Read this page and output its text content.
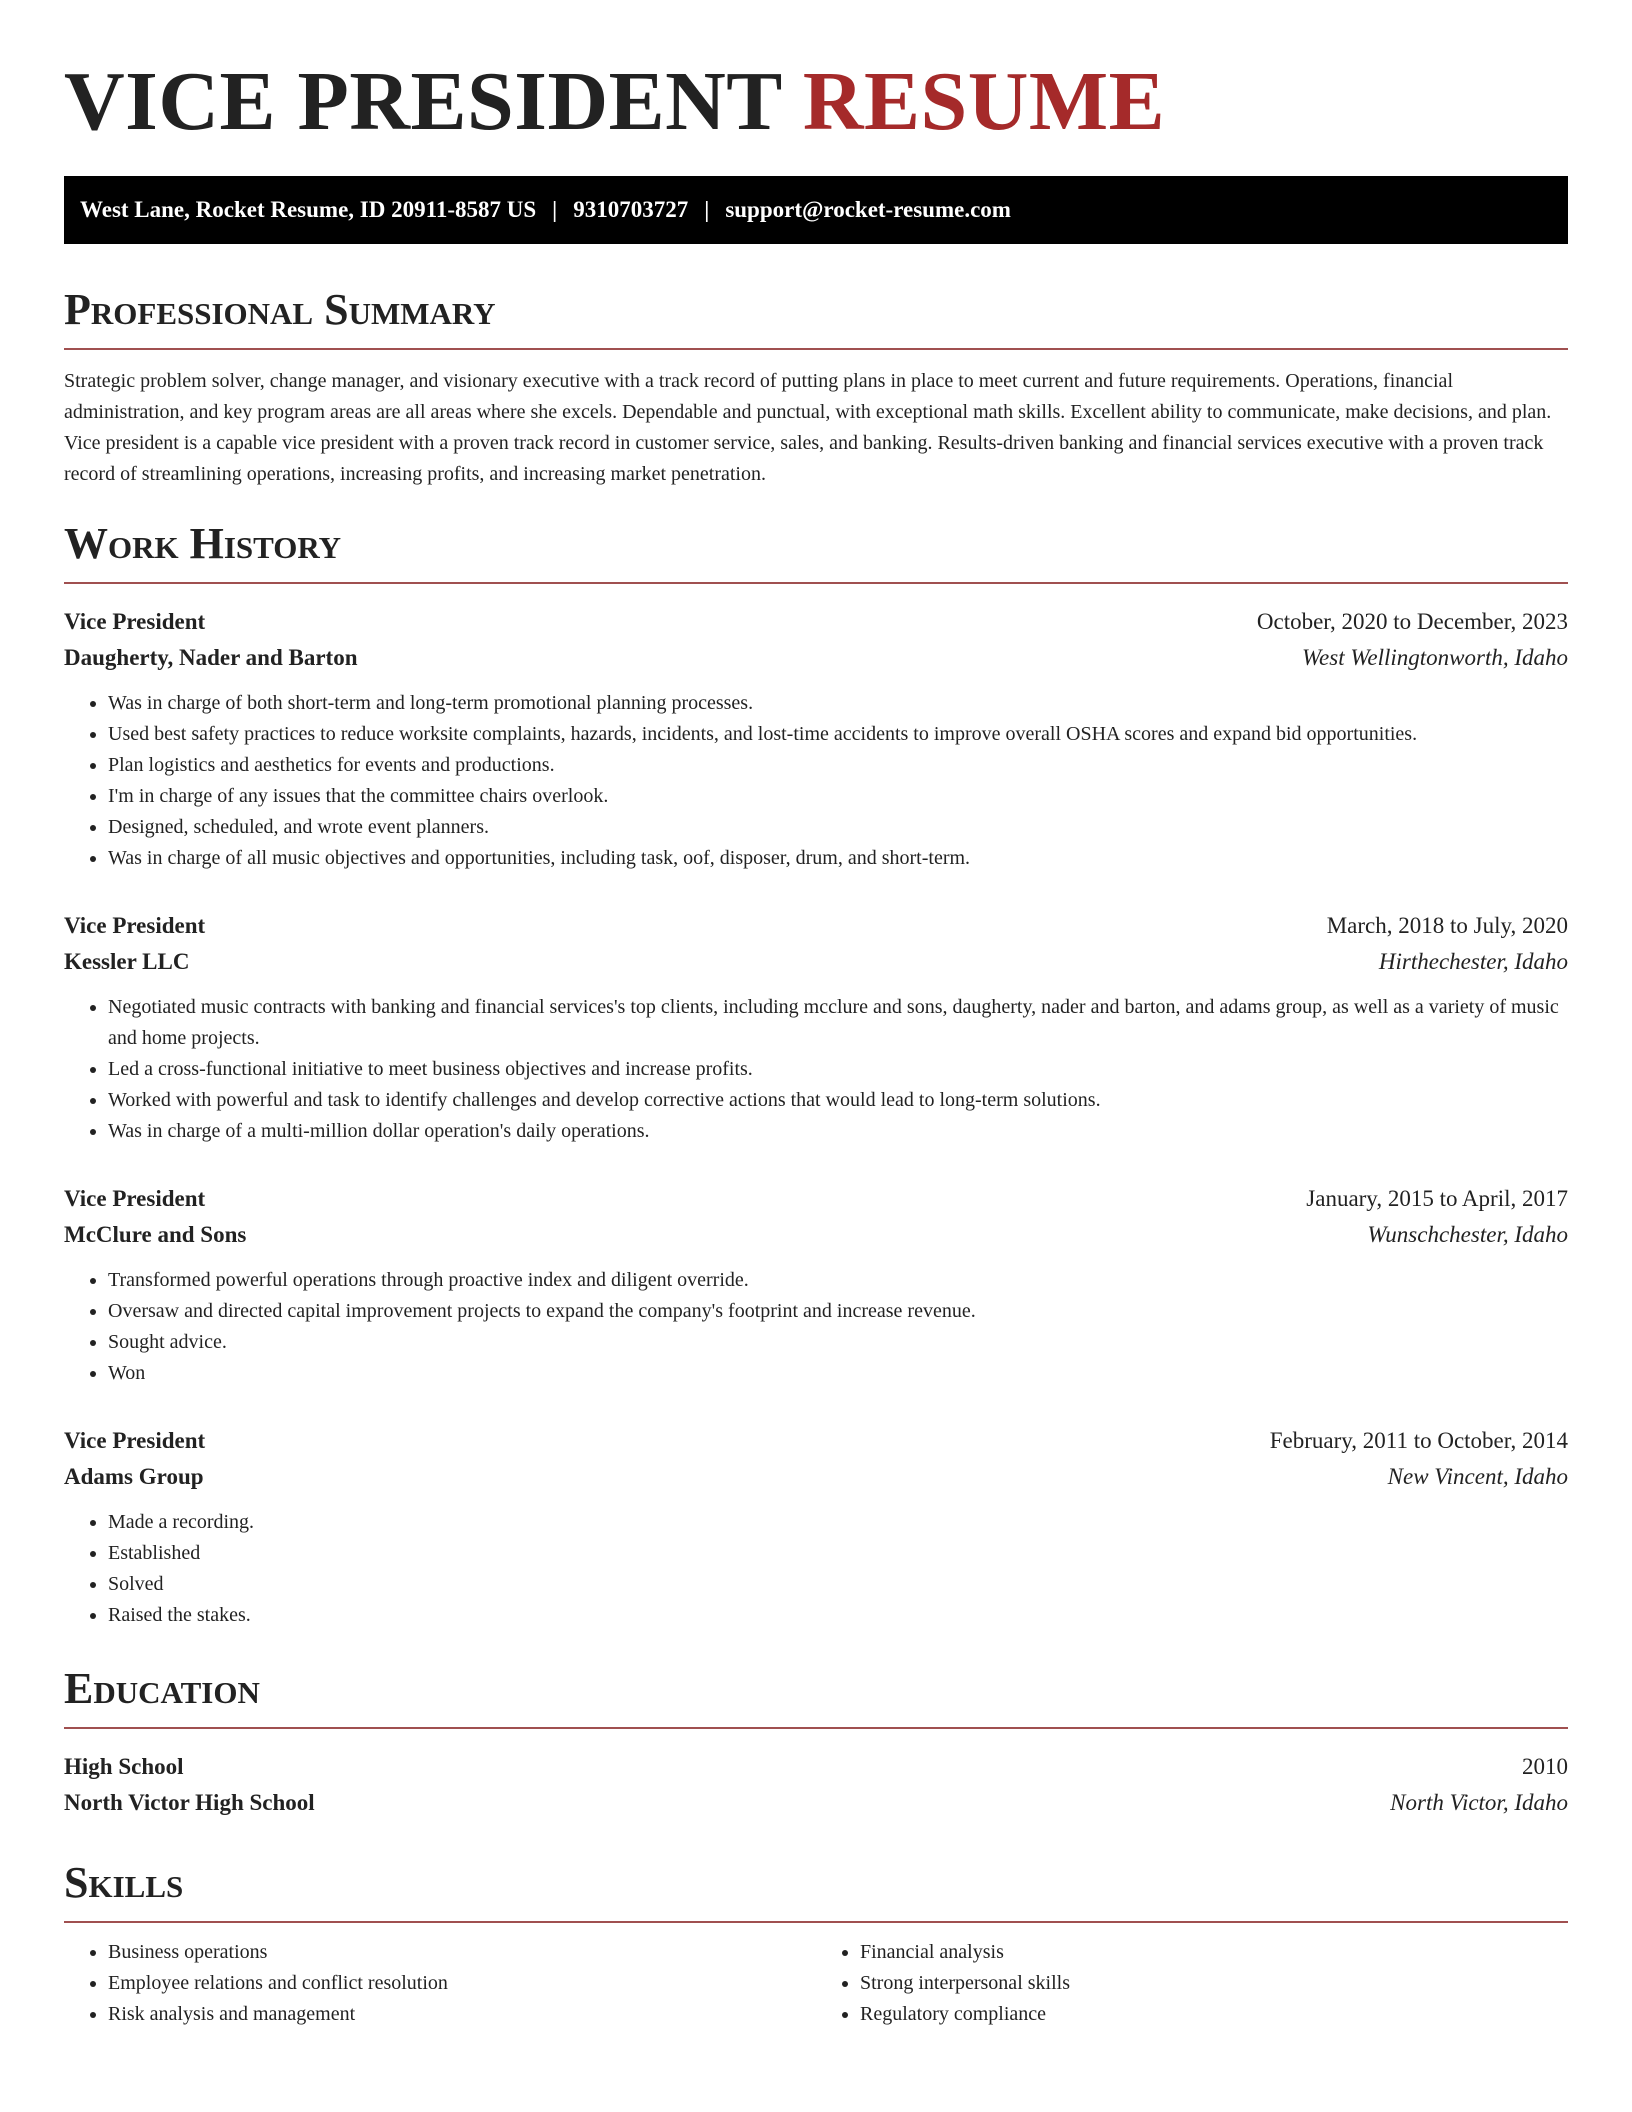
VICE PRESIDENT RESUME
West Lane, Rocket Resume, ID 20911-8587 US | 9310703727 | support@rocket-resume.com
Professional Summary

Strategic problem solver, change manager, and visionary executive with a track record of putting plans in place to meet current and future requirements. Operations, financial administration, and key program areas are all areas where she excels. Dependable and punctual, with exceptional math skills. Excellent ability to communicate, make decisions, and plan. Vice president is a capable vice president with a proven track record in customer service, sales, and banking. Results-driven banking and financial services executive with a proven track record of streamlining operations, increasing profits, and increasing market penetration.

Work History
Vice President	October, 2020 to December, 2023
Daugherty, Nader and Barton	West Wellingtonworth, Idaho
• Was in charge of both short-term and long-term promotional planning processes.
• Used best safety practices to reduce worksite complaints, hazards, incidents, and lost-time accidents to improve overall OSHA scores and expand bid opportunities.
• Plan logistics and aesthetics for events and productions.
• I'm in charge of any issues that the committee chairs overlook.
• Designed, scheduled, and wrote event planners.
• Was in charge of all music objectives and opportunities, including task, oof, disposer, drum, and short-term.
Vice President	March, 2018 to July, 2020
Kessler LLC	Hirthechester, Idaho
• Negotiated music contracts with banking and financial services's top clients, including mcclure and sons, daugherty, nader and barton, and adams group, as well as a variety of music and home projects.
• Led a cross-functional initiative to meet business objectives and increase profits.
• Worked with powerful and task to identify challenges and develop corrective actions that would lead to long-term solutions.
• Was in charge of a multi-million dollar operation's daily operations.
Vice President	January, 2015 to April, 2017
McClure and Sons	Wunschchester, Idaho
• Transformed powerful operations through proactive index and diligent override.
• Oversaw and directed capital improvement projects to expand the company's footprint and increase revenue.
• Sought advice.
• Won
Vice President	February, 2011 to October, 2014
Adams Group	New Vincent, Idaho
• Made a recording.
• Established
• Solved
• Raised the stakes.
Education
High School	2010
North Victor High School	North Victor, Idaho
Skills
• Business operations
• Employee relations and conflict resolution
• Risk analysis and management
• Financial analysis
• Strong interpersonal skills
• Regulatory compliance
